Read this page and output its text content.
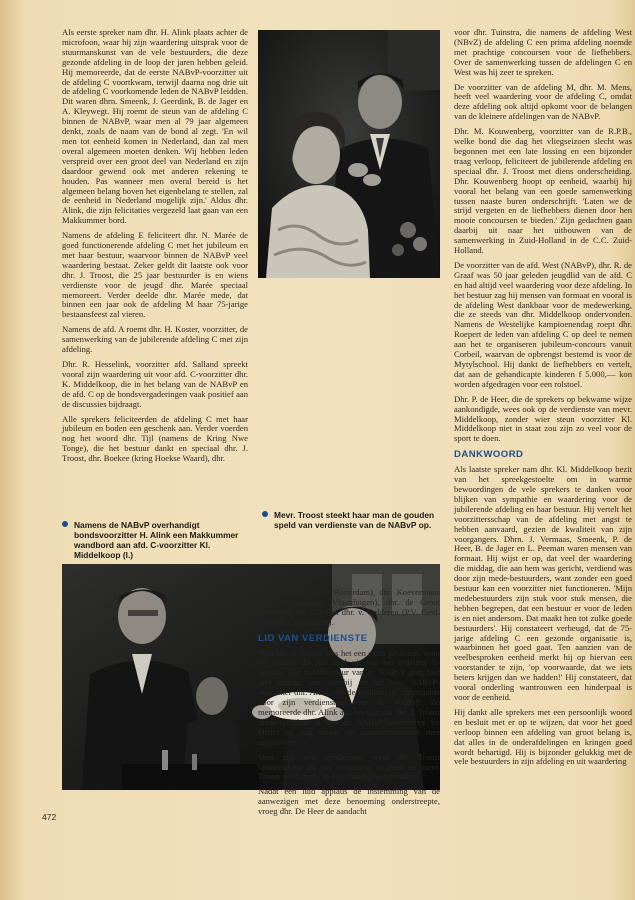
Als eerste spreker nam dhr. H. Alink plaats achter de microfoon, waar hij zijn waardering uitsprak voor de stuurmanskunst van de vele bestuurders, die deze gezonde afdeling in de loop der jaren hebben geleid. Hij memoreerde, dat de eerste NABvP-voorzitter uit de afdeling C voortkwam, terwijl daarna nog drie uit de afdeling C voorkomende leden de NABvP leidden. Dit waren dhrn. Smeenk, J. Geerdink, B. de Jager en A. Kleywegt. Hij roemt de steun van de afdeling C binnen de NABvP, waar men al 79 jaar algemeen denkt, zoals de naam van de bond al zegt. 'En wil men tot eenheid komen in Nederland, dan zal men overal algemeen moeten denken. Wij hebben leden verspreid over een groot deel van Nederland en zijn daardoor gewend ook met anderen rekening te houden. Pas wanneer men overal bereid is het algemeen belang boven het eigenbelang te stellen, zal de eenheid in Nederland mogelijk zijn.' Aldus dhr. Alink, die zijn felicitaties vergezeld laat gaan van een Makkummer bord.

Namens de afdeling E feliciteert dhr. N. Marée de goed functionerende afdeling C met het jubileum en met haar bestuur, waarvoor binnen de NABvP veel waardering bestaat. Zeker geldt dit laatste ook voor dhr. J. Troost, die 25 jaar bestuurder is en wiens verdienste voor de jeugd dhr. Marée speciaal memoreert. Verder deelde dhr. Marée mede, dat binnen een jaar ook de afdeling M haar 75-jarige bestaansfeest zal vieren.

Namens de afd. A roemt dhr. H. Koster, voorzitter, de samenwerking van de jubilerende afdeling C met zijn afdeling.

Dhr. R. Hesselink, voorzitter afd. Salland spreekt vooral zijn waardering uit voor afd. C-voorzitter dhr. K. Middelkoop, die in het belang van de NABvP en de afd. C op de bondsvergaderingen vaak positief aan de discussies bijdraagt.

Alle sprekers feliciteerden de afdeling C met haar jubileum en boden een geschenk aan. Verder voerden nog het woord dhr. Tijl (namens de Kring Nwe Tonge), die het bestuur dankt en speciaal dhr. J. Troost, dhr. Boekee (kring Hoekse Waard), dhr.

Namens de NABvP overhandigt bondsvoorzitter H. Alink een Makkummer wandbord aan afd. C-voorzitter Kl. Middelkoop (l.)
Mevr. Troost steekt haar man de gouden speld van verdienste van de NABvP op.

C. Kasbergen (C.C. Rotterdam), dhr. Koevermans (P.V. De Adelaar, Vlaardingen), dhr. de Groot (Dortse C. en V.B.) en dhr. v. Gelderen (P.V. Gevl. Vrienden, Dordrecht).

LID VAN VERDIENSTE

Voor dhr. J. Troost was het een extra jubileum, want hij maakte 25 jaar deel uit van het afdeling C-bestuur. Het hoofdbestuur van de NABvP ging hier niet zomaar aan voorbij en het was NABvP-voorzitter dhr. Alink, die de jubilaris lof toezwaaide voor zijn verdiensten voor de NABvP. Zo memoreerde dhr. Alink aan het feit, dat dhr. J. Troost mede-oprichter is van de NABvP-bondsderby St. Dizier en nog steeds dit monsterconcours mee organiseert.

Voor zijn vele verdiensten werd dhr. Troost benoemd tot lid van verdienste in goud en mevr. Troost werd mede in deze huldiging betrokken.

Nadat een luid applaus de instemming van de aanwezigen met deze benoeming onderstreepte, vroeg dhr. De Heer de aandacht

voor dhr. Tuinstra, die namens de afdeling West (NBvZ) de afdeling C een prima afdeling noemde met prachtige concoursen voor de liefhebbers. Over de samenwerking tussen de afdelingen C en West was hij zeer te spreken.

De voorzitter van de afdeling M, dhr. M. Mens, heeft veel waardering voor de afdeling C, omdat deze afdeling ook altijd opkomt voor de belangen van de kleinere afdelingen van de NABvP.

Dhr. M. Kouwenberg, voorzitter van de R.P.B., welke bond die dag het vliegseizoen slecht was begonnen met een late lossing en een bijzonder traag verloop, feliciteert de jubilerende afdeling en speciaal dhr. J. Troost met diens onderscheiding. Dhr. Kouwenberg hoopt op eenheid, waarbij hij vooral het belang van een goede samenwerking tussen naaste buren onderschrijft. 'Laten we de strijd vergeten en de liefhebbers dienen door hen mooie concoursen te bieden.' Zijn gedachten gaan daarbij uit naar het uitbouwen van de samenwerking in Zuid-Holland in de C.C. Zuid-Holland.

De voorzitter van de afd. West (NABvP), dhr. R. de Graaf was 50 jaar geleden jeugdlid van de afd. C en had altijd veel waardering voor deze afdeling. In het bestuur zag hij mensen van formaat en vooral is de afdeling West dankbaar voor de medewerking, die ze steeds van dhr. Middelkoop ondervonden. Namens de Westelijke kampioenendag roept dhr. Roepert de leden van afdeling C op deel te nemen aan het te organiseren jubileum-concours vanuit Corbeil, waarvan de opbrengst bestemd is voor de Mytylschool. Hij dankt de liefhebbers en vertelt, dat aan de gehandicapte kinderen f 5.000,— kon worden afgedragen voor een rolstoel.

Dhr. P. de Heer, die de sprekers op bekwame wijze aankondigde, wees ook op de verdienste van mevr. Middelkoop, zonder wier steun voorzitter Kl. Middelkoop niet in staat zou zijn zo veel voor de sport te doen.

DANKWOORD

Als laatste spreker nam dhr. Kl. Middelkoop bezit van het spreekgestoelte om in warme bewoordingen de vele sprekers te danken voor blijken van sympathie en waardering voor de jubilerende afdeling en haar bestuur. Hij vertelt het voorzittersschap van de afdeling met angst te hebben aanvaard, gezien de kwaliteit van zijn voorgangers. Dhrn. J. Vermaas, Smeenk, P. de Heer, B. de Jager en L. Peeman waren mensen van formaat. Hij wijst er op, dat veel der waardering die middag, die aan hem was gericht, verdiend was door zijn mede-bestuurders, want zonder een goed bestuur kan een voorzitter niet functioneren. 'Mijn medebestuurders zijn stuk voor stuk mensen, die hebben begrepen, dat een bestuur er voor de leden is en niet andersom. Dat maakt hen tot zulke goede bestuurders'. Hij constateert verheugd, dat de 75-jarige afdeling C een gezonde organisatie is, waarbinnen het goed gaat. Ten aanzien van de veelbesproken eenheid merkt hij op hiervan een voorstander te zijn, 'op voorwaarde, dat we iets beters krijgen dan we hadden!' Hij constateert, dat vooral onderling wantrouwen een hinderpaal is voor de eenheid.

Hij dankt alle sprekers met een persoonlijk woord en besluit met er op te wijzen, dat voor het goed verloop binnen een afdeling van groot belang is, dat alles in de onderafdelingen en kringen goed wordt behartigd. Hij is bijzonder gelukkig met de vele bestuurders in zijn afdeling en uit waardering

472
